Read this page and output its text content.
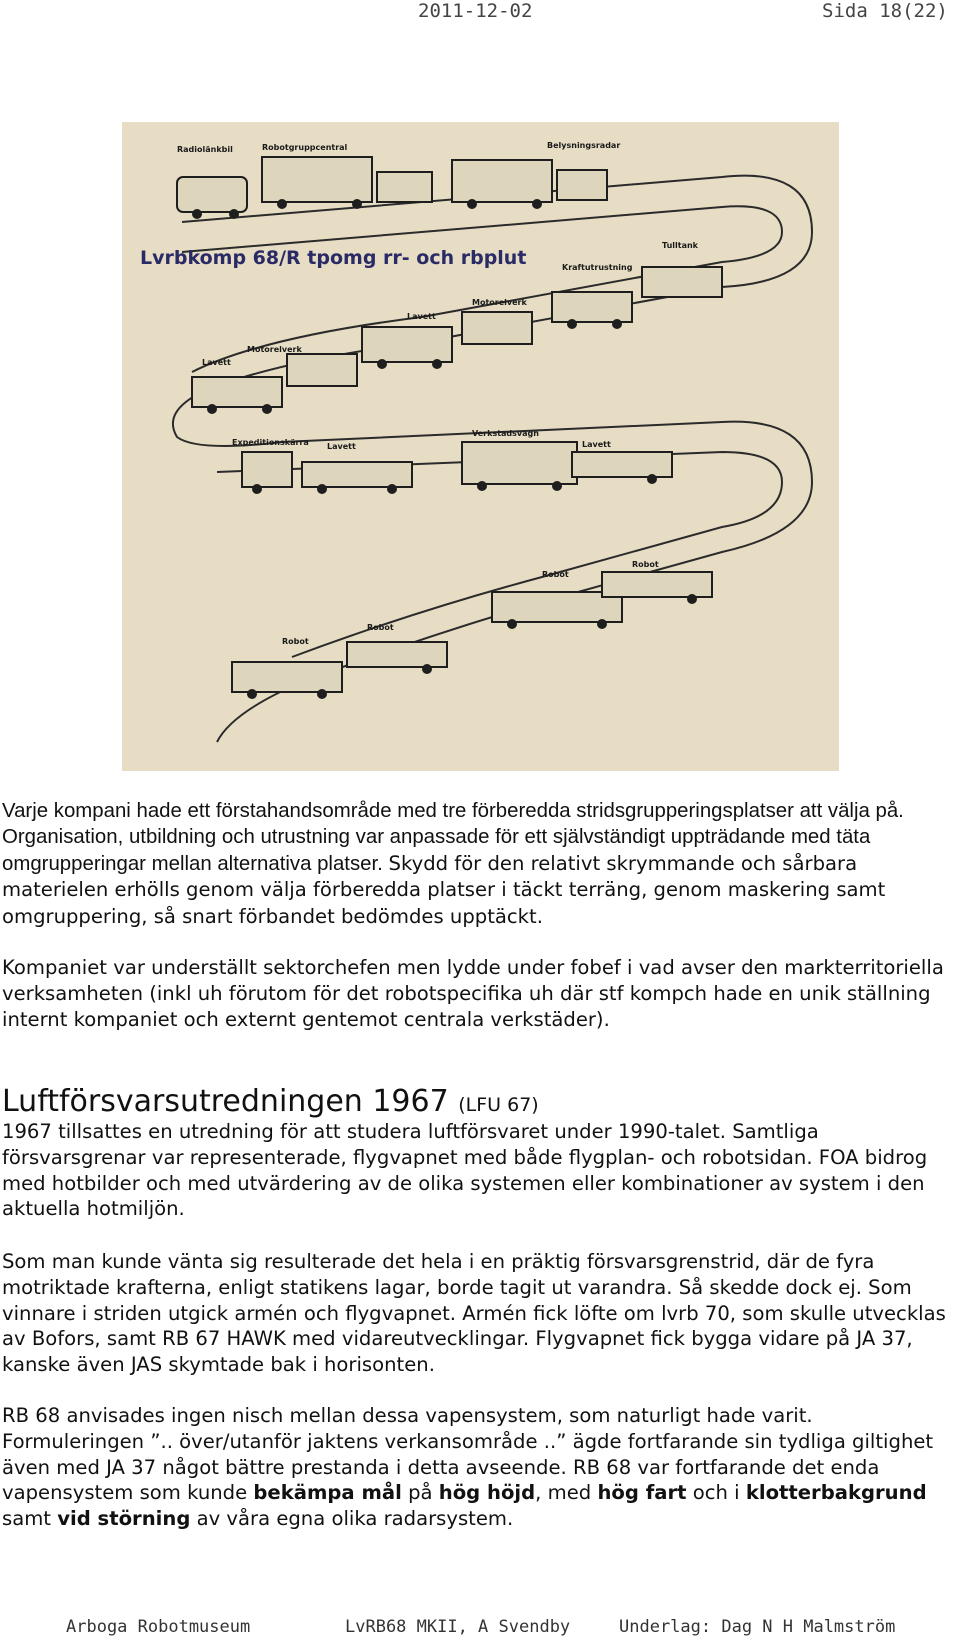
2011-12-02	Sida 18(22)
Radiolänkbil	Robotgruppcentral	Belysningsradar
Tulltank
Kraftutrustning
Motorelverk
Lavett
Motorelverk
Lavett
Expeditionskärra Lavett
Verkstadsvagn
Lavett
Robot
Robot
Robot
Robot
Lvrbkomp 68/R tpomg rr- och rbplut

Varje kompani hade ett förstahandsområde med tre förberedda stridsgrupperingsplatser att välja på. Organisation, utbildning och utrustning var anpassade för ett självständigt uppträdande med täta omgrupperingar mellan alternativa platser. Skydd för den relativt skrymmande och sårbara materielen erhölls genom välja förberedda platser i täckt terräng, genom maskering samt omgruppering, så snart förbandet bedömdes upptäckt.

Kompaniet var underställt sektorchefen men lydde under fobef i vad avser den markterritoriella verksamheten (inkl uh förutom för det robotspecifika uh där stf kompch hade en unik ställning internt kompaniet och externt gentemot centrala verkstäder).

Luftförsvarsutredningen 1967 (LFU 67)

1967 tillsattes en utredning för att studera luftförsvaret under 1990-talet. Samtliga försvarsgrenar var representerade, flygvapnet med både flygplan- och robotsidan. FOA bidrog med hotbilder och med utvärdering av de olika systemen eller kombinationer av system i den aktuella hotmiljön.

Som man kunde vänta sig resulterade det hela i en präktig försvarsgrenstrid, där de fyra motriktade krafterna, enligt statikens lagar, borde tagit ut varandra. Så skedde dock ej. Som vinnare i striden utgick armén och flygvapnet. Armén fick löfte om lvrb 70, som skulle utvecklas av Bofors, samt RB 67 HAWK med vidareutvecklingar. Flygvapnet fick bygga vidare på JA 37, kanske även JAS skymtade bak i horisonten.

RB 68 anvisades ingen nisch mellan dessa vapensystem, som naturligt hade varit. Formuleringen ”.. över/utanför jaktens verkansområde ..” ägde fortfarande sin tydliga giltighet även med JA 37 något bättre prestanda i detta avseende. RB 68 var fortfarande det enda vapensystem som kunde bekämpa mål på hög höjd, med hög fart och i klotterbakgrund samt vid störning av våra egna olika radarsystem.

Arboga Robotmuseum	LvRB68 MKII, A Svendby	Underlag: Dag N H Malmström
